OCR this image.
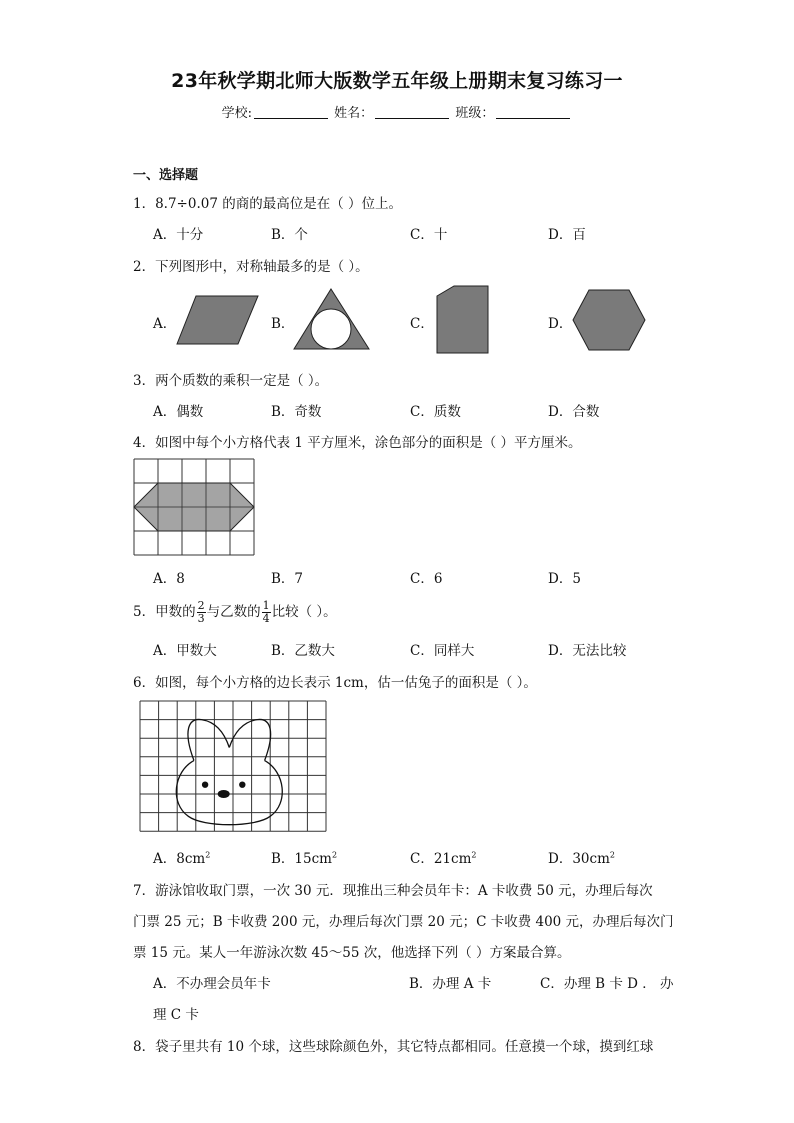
23年秋学期北师大版数学五年级上册期末复习练习一
学校:	姓名：	班级：
一、选择题
1．8.7÷0.07 的商的最高位是在（ ）位上。
A．十分	B．个	C．十	D．百
2．下列图形中，对称轴最多的是（ ）。
A．	B．	C．	D．
3．两个质数的乘积一定是（ ）。
A．偶数	B．奇数	C．质数	D．合数
4．如图中每个小方格代表 1 平方厘米，涂色部分的面积是（ ）平方厘米。
A．8	B．7	C．6	D．5
5．甲数的 $\frac{2}{3}$ 与乙数的 $\frac{1}{4}$ 比较（ ）。
A．甲数大	B．乙数大	C．同样大	D．无法比较
6．如图，每个小方格的边长表示 1cm，估一估兔子的面积是（ ）。
A．$8cm^2$	B．$15cm^2$	C．$21cm^2$	D．$30cm^2$
7．游泳馆收取门票，一次 30 元．现推出三种会员年卡：A 卡收费 50 元，办理后每次
门票 25 元；B 卡收费 200 元，办理后每次门票 20 元；C 卡收费 400 元，办理后每次门
票 15 元。某人一年游泳次数 45～55 次，他选择下列（ ）方案最合算。
A．不办理会员年卡	B．办理 A 卡	C．办理 B 卡 D ． 办
理 C 卡
8．袋子里共有 10 个球，这些球除颜色外，其它特点都相同。任意摸一个球，摸到红球
